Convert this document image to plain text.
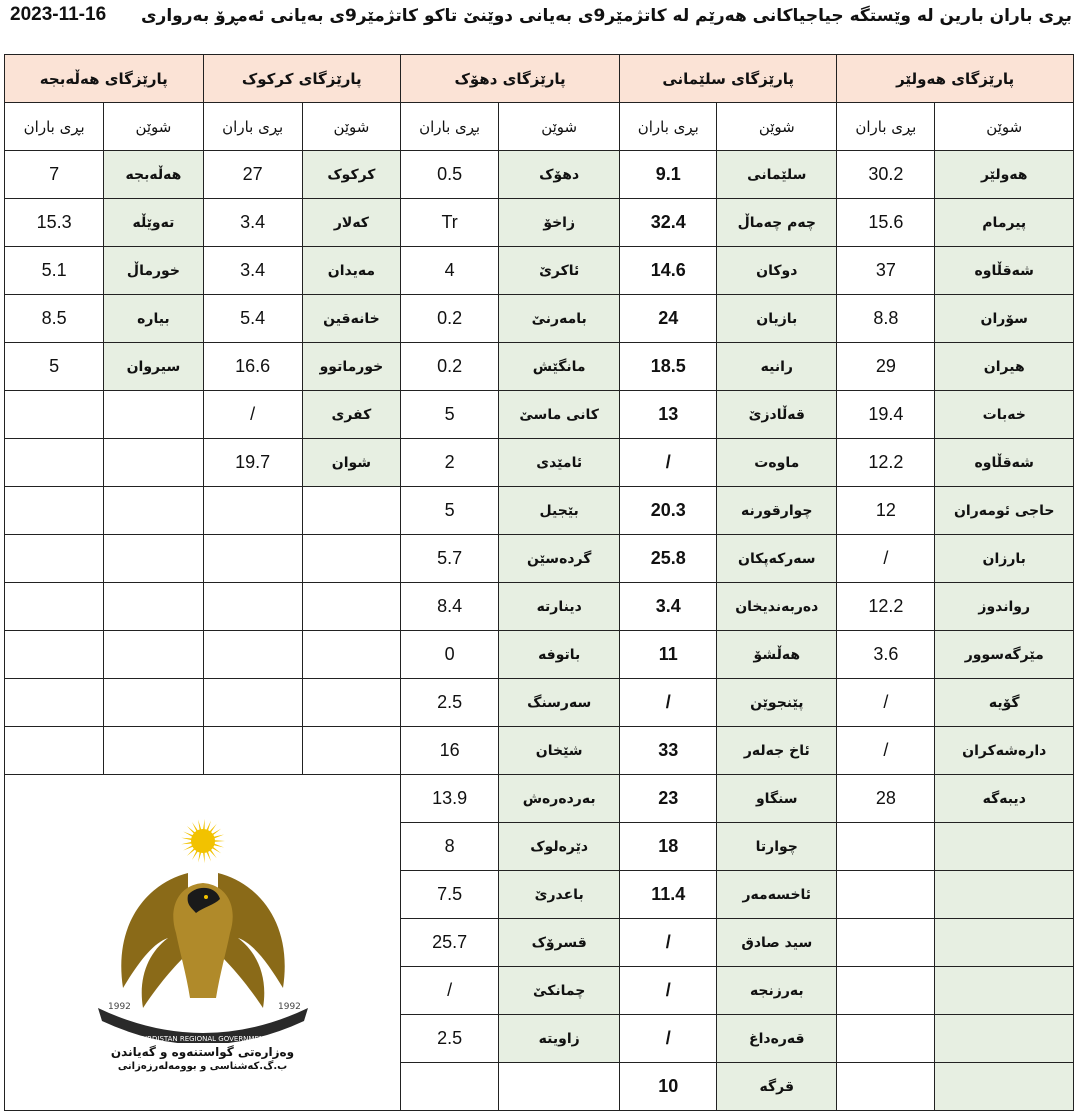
بڕی باران بارین لە وێستگە جیاجیاکانی هەرێم لە کاتژمێر9ی بەیانی دوێنێ تاکو کاتژمێر9ی بەیانی ئەمڕۆ بەرواری
2023-11-16
پارێزگای هەولێر		پارێزگای سلێمانی		پارێزگای دهۆک		پارێزگای کرکوک		پارێزگای هەڵەبجە	
شوێن	بڕی باران	شوێن	بڕی باران	شوێن	بڕی باران	شوێن	بڕی باران	شوێن	بڕی باران
هەولێر	30.2	سلێمانی	9.1	دهۆک	0.5	کرکوک	27	هەڵەبجە	7
پیرمام	15.6	چەم چەماڵ	32.4	زاخۆ	Tr	کەلار	3.4	تەوێڵە	15.3
شەقڵاوە	37	دوکان	14.6	ئاکرێ	4	مەیدان	3.4	خورماڵ	5.1
سۆران	8.8	بازیان	24	بامەرنێ	0.2	خانەقین	5.4	بیارە	8.5
هیران	29	رانیە	18.5	مانگێش	0.2	خورماتوو	16.6	سیروان	5
خەبات	19.4	قەڵادزێ	13	کانی ماسێ	5	کفری	/		
شەقڵاوە	12.2	ماوەت	/	ئامێدی	2	شوان	19.7		
حاجی ئومەران	12	چوارقورنە	20.3	بێجیل	5				
بارزان	/	سەرکەپکان	25.8	گردەسێن	5.7				
رواندوز	12.2	دەربەندیخان	3.4	دینارتە	8.4				
مێرگەسوور	3.6	هەڵشۆ	11	باتوفە	0				
گۆیە	/	پێنجوێن	/	سەرسنگ	2.5				
دارەشەکران	/	ئاخ جەلەر	33	شێخان	16				
دیبەگە	28	سنگاو	23	بەردەرەش	13.9	KURDISTAN REGIONAL GOVERNMENT
1992 1992
وەزارەتی گواستنەوە و گەیاندن
ب.گ.کەشناسی و بوومەلەرزەزانی			

		چوارتا	18	دێرەلوک	8				
		ئاخسەمەر	11.4	باعدرێ	7.5				
		سید صادق	/	قسرۆک	25.7				
		بەرزنجە	/	چمانکێ	/				
		قەرەداغ	/	زاویتە	2.5				
		قرگە	10						
